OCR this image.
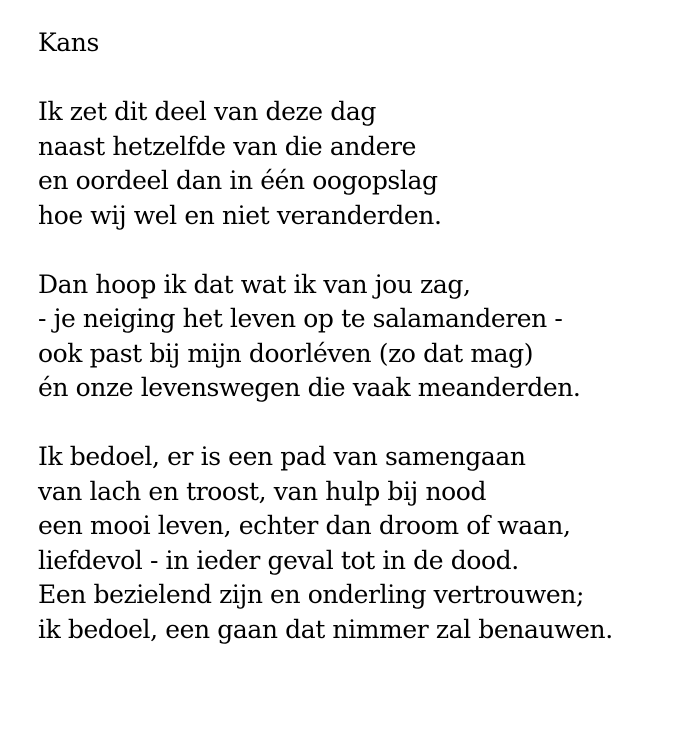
Kans
Ik zet dit deel van deze dag
naast hetzelfde van die andere
en oordeel dan in één oogopslag
hoe wij wel en niet veranderden.
Dan hoop ik dat wat ik van jou zag,
- je neiging het leven op te salamanderen -
ook past bij mijn doorléven (zo dat mag)
én onze levenswegen die vaak meanderden.
Ik bedoel, er is een pad van samengaan
van lach en troost, van hulp bij nood
een mooi leven, echter dan droom of waan,
liefdevol - in ieder geval tot in de dood.
Een bezielend zijn en onderling vertrouwen;
ik bedoel, een gaan dat nimmer zal benauwen.
